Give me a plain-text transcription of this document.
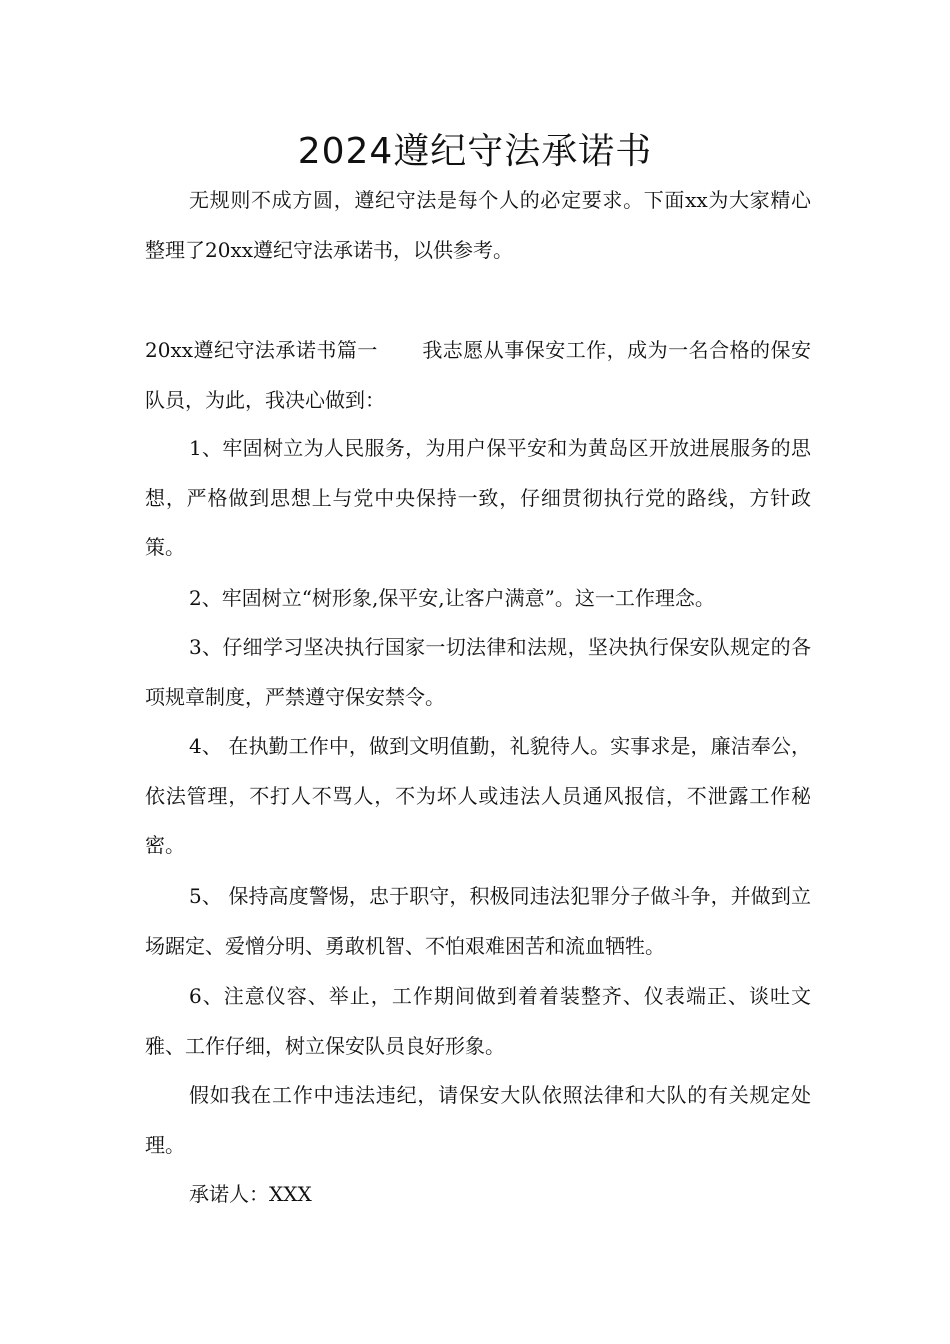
2024遵纪守法承诺书

无规则不成方圆，遵纪守法是每个人的必定要求。下面xx为大家精心整理了20xx遵纪守法承诺书，以供参考。

20xx遵纪守法承诺书篇一 我志愿从事保安工作，成为一名合格的保安队员，为此，我决心做到：

1、牢固树立为人民服务，为用户保平安和为黄岛区开放进展服务的思想，严格做到思想上与党中央保持一致，仔细贯彻执行党的路线，方针政策。

2、牢固树立“树形象,保平安,让客户满意”。这一工作理念。

3、仔细学习坚决执行国家一切法律和法规，坚决执行保安队规定的各项规章制度，严禁遵守保安禁令。

4、 在执勤工作中，做到文明值勤，礼貌待人。实事求是，廉洁奉公，依法管理，不打人不骂人，不为坏人或违法人员通风报信，不泄露工作秘密。

5、 保持高度警惕，忠于职守，积极同违法犯罪分子做斗争，并做到立场踞定、爱憎分明、勇敢机智、不怕艰难困苦和流血牺牲。

6、注意仪容、举止，工作期间做到着着装整齐、仪表端正、谈吐文雅、工作仔细，树立保安队员良好形象。

假如我在工作中违法违纪，请保安大队依照法律和大队的有关规定处理。

承诺人：XXX
